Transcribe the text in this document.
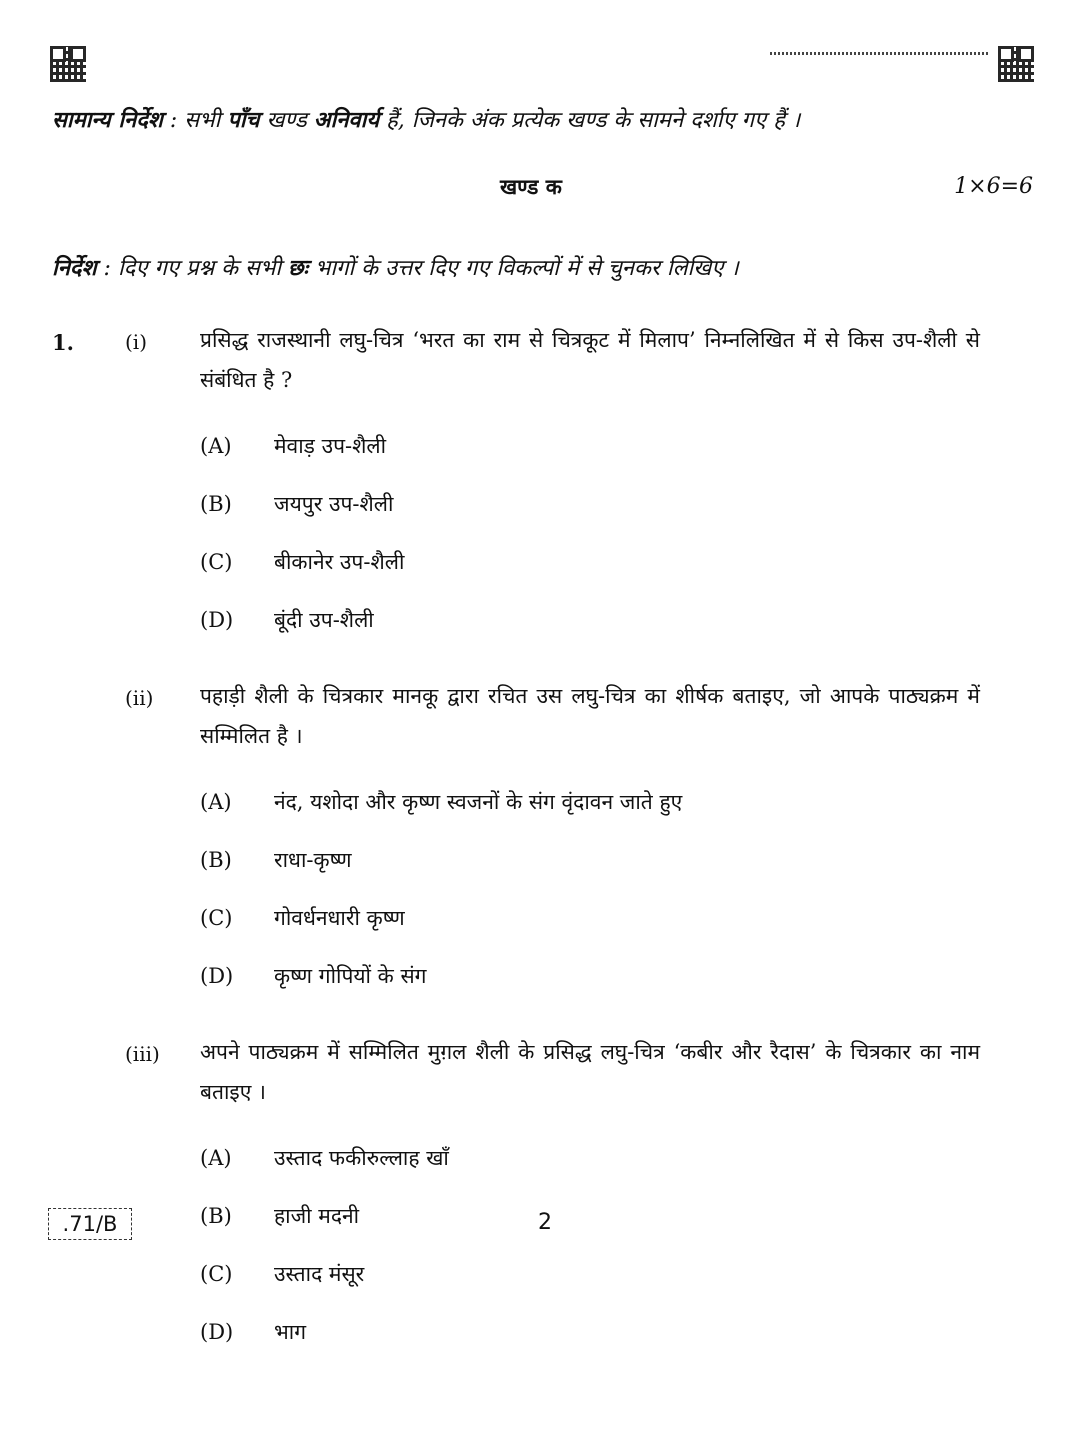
सामान्य निर्देश : सभी पाँच खण्ड अनिवार्य हैं, जिनके अंक प्रत्येक खण्ड के सामने दर्शाए गए हैं ।
खण्ड क	1×6=6
निर्देश : दिए गए प्रश्न के सभी छः भागों के उत्तर दिए गए विकल्पों में से चुनकर लिखिए ।
1.	(i)	प्रसिद्ध राजस्थानी लघु-चित्र ‘भरत का राम से चित्रकूट में मिलाप’ निम्नलिखित में से किस उप-शैली से संबंधित है ?
(A) मेवाड़ उप-शैली
(B) जयपुर उप-शैली
(C) बीकानेर उप-शैली
(D) बूंदी उप-शैली
(ii) पहाड़ी शैली के चित्रकार मानकू द्वारा रचित उस लघु-चित्र का शीर्षक बताइए, जो आपके पाठ्यक्रम में सम्मिलित है ।
(A) नंद, यशोदा और कृष्ण स्वजनों के संग वृंदावन जाते हुए
(B) राधा-कृष्ण
(C) गोवर्धनधारी कृष्ण
(D) कृष्ण गोपियों के संग
(iii) अपने पाठ्यक्रम में सम्मिलित मुग़ल शैली के प्रसिद्ध लघु-चित्र ‘कबीर और रैदास’ के चित्रकार का नाम बताइए ।
(A) उस्ताद फकीरुल्लाह खाँ
(B) हाजी मदनी
(C) उस्ताद मंसूर
(D) भाग
.71/B	2
